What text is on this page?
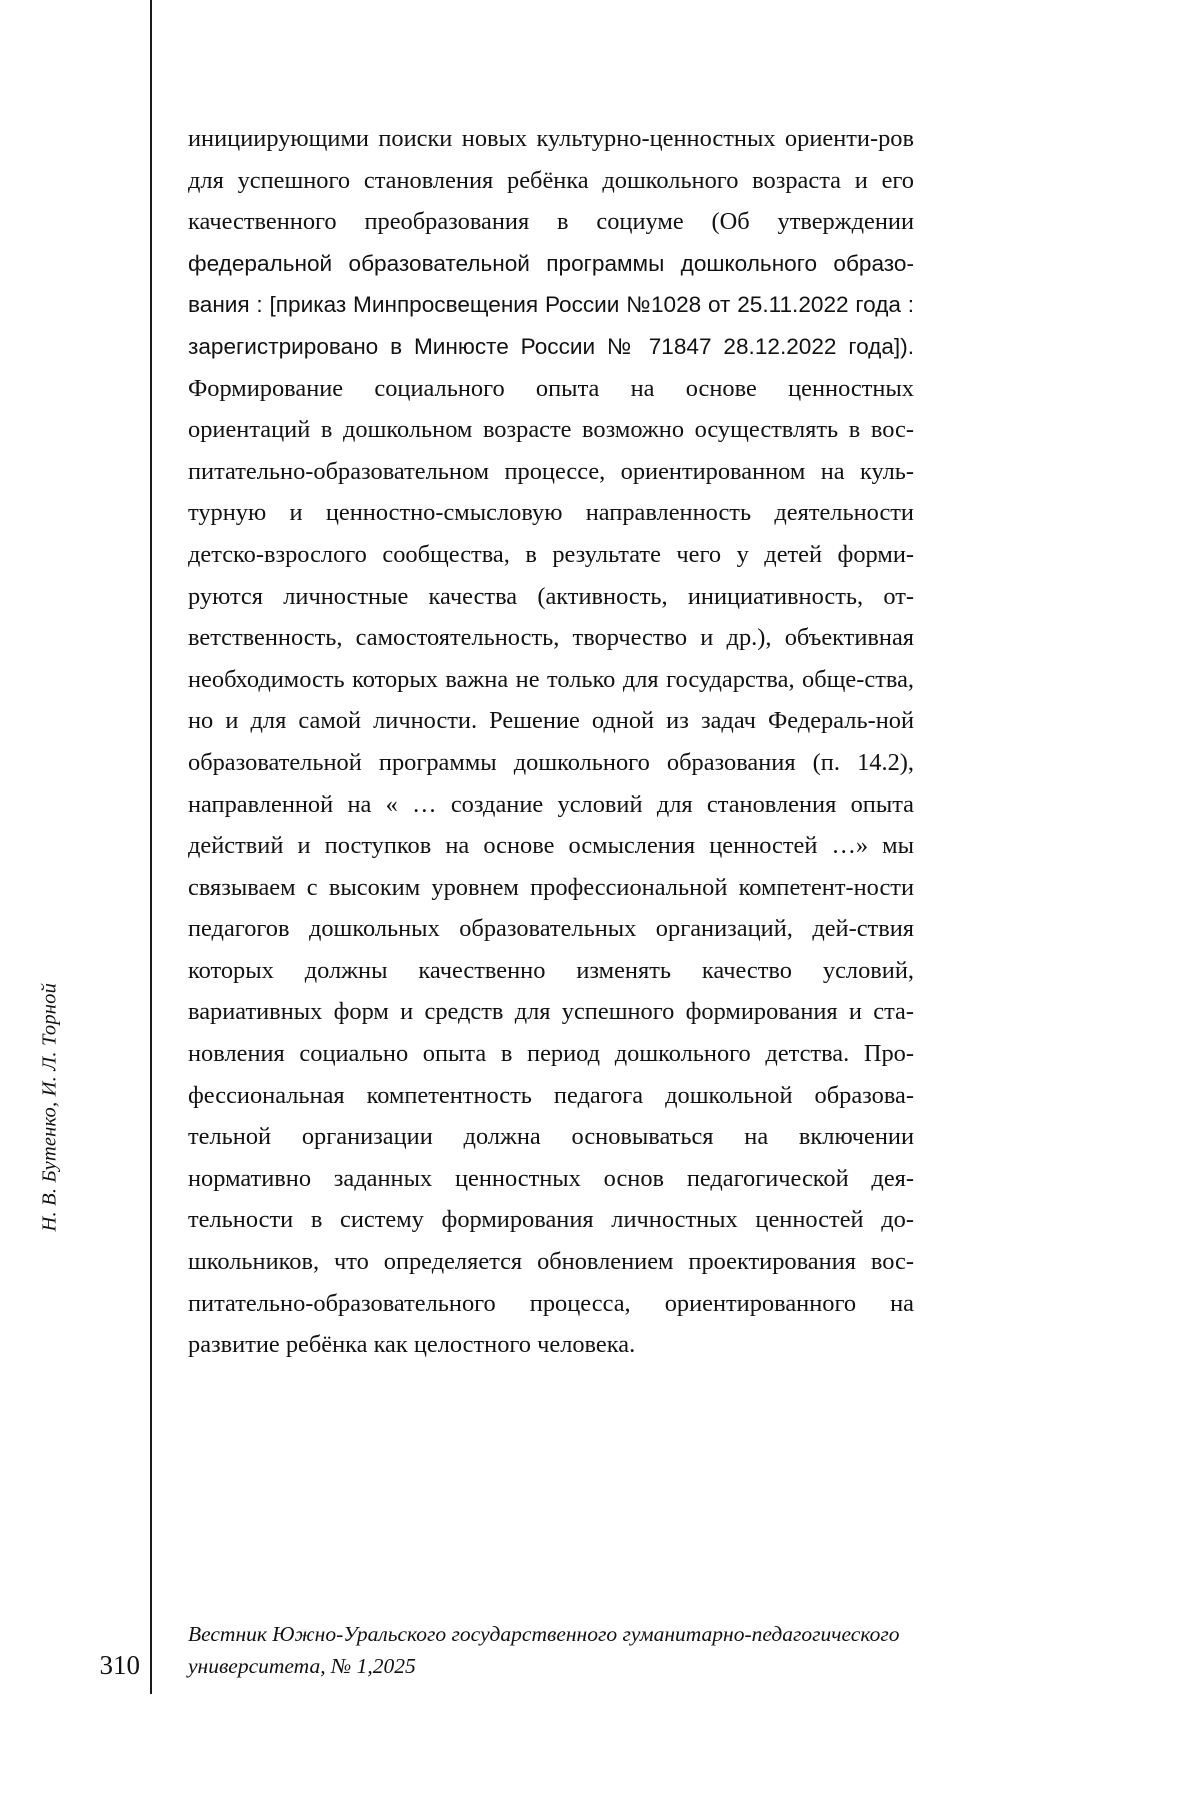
Н. В. Бутенко, И. Л. Торной

инициирующими поиски новых культурно-ценностных ориенти-ров для успешного становления ребёнка дошкольного возраста и его качественного преобразования в социуме (Об утверждении федеральной образовательной программы дошкольного образо-вания : [приказ Минпросвещения России №1028 от 25.11.2022 года : зарегистрировано в Минюсте России № 71847 28.12.2022 года]). Формирование социального опыта на основе ценностных ориентаций в дошкольном возрасте возможно осуществлять в вос-питательно-образовательном процессе, ориентированном на куль-турную и ценностно-смысловую направленность деятельности детско-взрослого сообщества, в результате чего у детей форми-руются личностные качества (активность, инициативность, от-ветственность, самостоятельность, творчество и др.), объективная необходимость которых важна не только для государства, обще-ства, но и для самой личности. Решение одной из задач Федераль-ной образовательной программы дошкольного образования (п. 14.2), направленной на « … создание условий для становления опыта действий и поступков на основе осмысления ценностей …» мы связываем с высоким уровнем профессиональной компетент-ности педагогов дошкольных образовательных организаций, дей-ствия которых должны качественно изменять качество условий, вариативных форм и средств для успешного формирования и ста-новления социально опыта в период дошкольного детства. Про-фессиональная компетентность педагога дошкольной образова-тельной организации должна основываться на включении нормативно заданных ценностных основ педагогической дея-тельности в систему формирования личностных ценностей до-школьников, что определяется обновлением проектирования вос-питательно-образовательного процесса, ориентированного на развитие ребёнка как целостного человека.

310
Вестник Южно-Уральского государственного гуманитарно-педагогического
университета, № 1,2025
